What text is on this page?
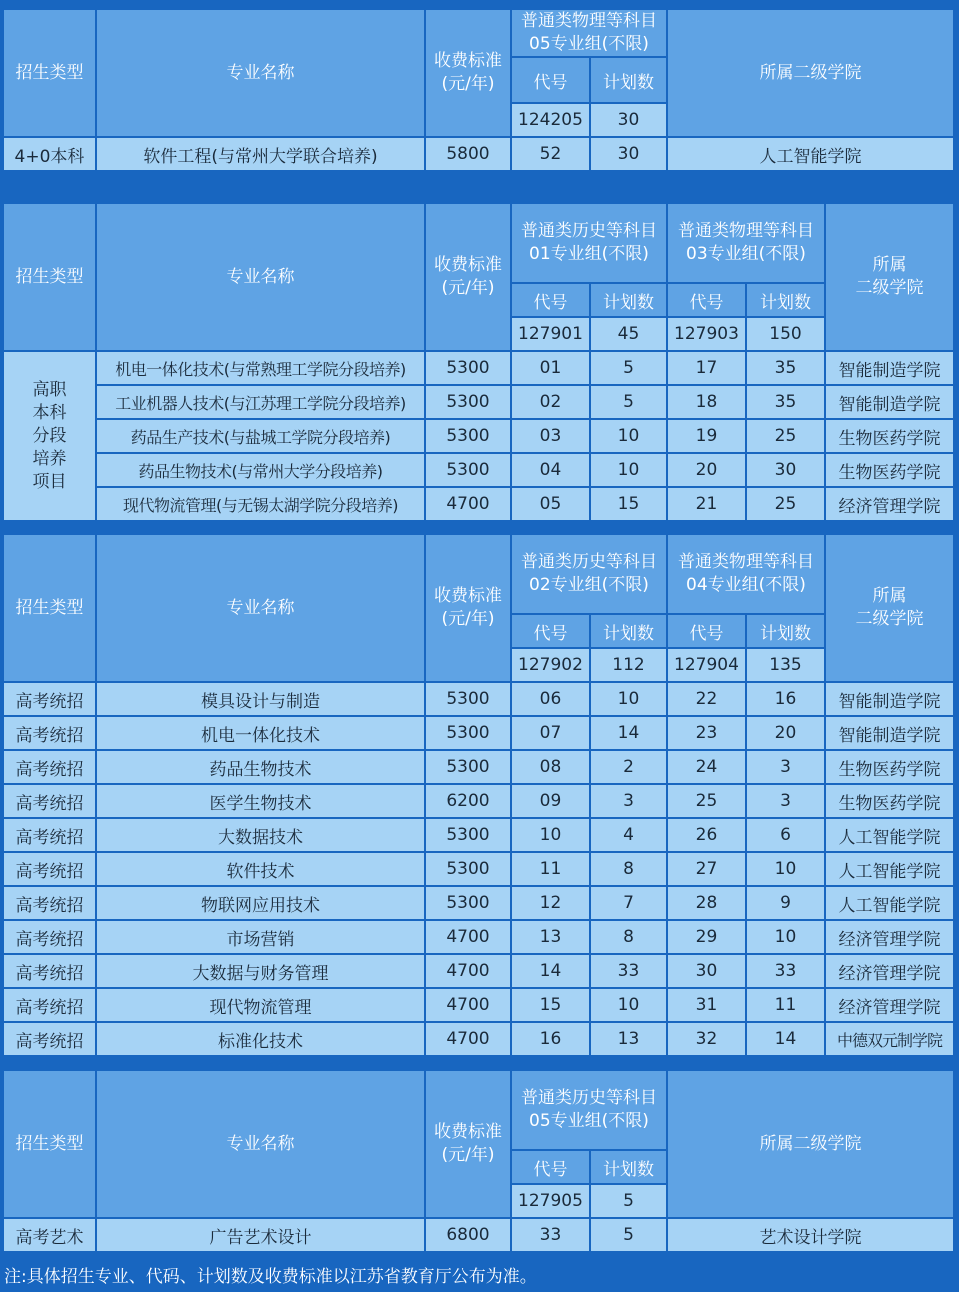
招生类型	专业名称	收费标准
(元/年)	普通类物理等科目
05专业组(不限)		所属二级学院
			代号	计划数	
			124205	30	
4+0本科	软件工程(与常州大学联合培养)	5800	52	30	人工智能学院
招生类型	专业名称	收费标准
(元/年)	普通类历史等科目
01专业组(不限)		普通类物理等科目
03专业组(不限)		所属
二级学院
			代号	计划数	代号	计划数	
			127901	45	127903	150	
高职
本科
分段
培养
项目	机电一体化技术(与常熟理工学院分段培养)	5300	01	5	17	35	智能制造学院
	工业机器人技术(与江苏理工学院分段培养)	5300	02	5	18	35	智能制造学院
	药品生产技术(与盐城工学院分段培养)	5300	03	10	19	25	生物医药学院
	药品生物技术(与常州大学分段培养)	5300	04	10	20	30	生物医药学院
	现代物流管理(与无锡太湖学院分段培养)	4700	05	15	21	25	经济管理学院
招生类型	专业名称	收费标准
(元/年)	普通类历史等科目
02专业组(不限)		普通类物理等科目
04专业组(不限)		所属
二级学院
			代号	计划数	代号	计划数	
			127902	112	127904	135	
高考统招	模具设计与制造	5300	06	10	22	16	智能制造学院
高考统招	机电一体化技术	5300	07	14	23	20	智能制造学院
高考统招	药品生物技术	5300	08	2	24	3	生物医药学院
高考统招	医学生物技术	6200	09	3	25	3	生物医药学院
高考统招	大数据技术	5300	10	4	26	6	人工智能学院
高考统招	软件技术	5300	11	8	27	10	人工智能学院
高考统招	物联网应用技术	5300	12	7	28	9	人工智能学院
高考统招	市场营销	4700	13	8	29	10	经济管理学院
高考统招	大数据与财务管理	4700	14	33	30	33	经济管理学院
高考统招	现代物流管理	4700	15	10	31	11	经济管理学院
高考统招	标准化技术	4700	16	13	32	14	中德双元制学院
招生类型	专业名称	收费标准
(元/年)	普通类历史等科目
05专业组(不限)		所属二级学院
			代号	计划数	
			127905	5	
高考艺术	广告艺术设计	6800	33	5	艺术设计学院
注:具体招生专业、代码、计划数及收费标准以江苏省教育厅公布为准。
